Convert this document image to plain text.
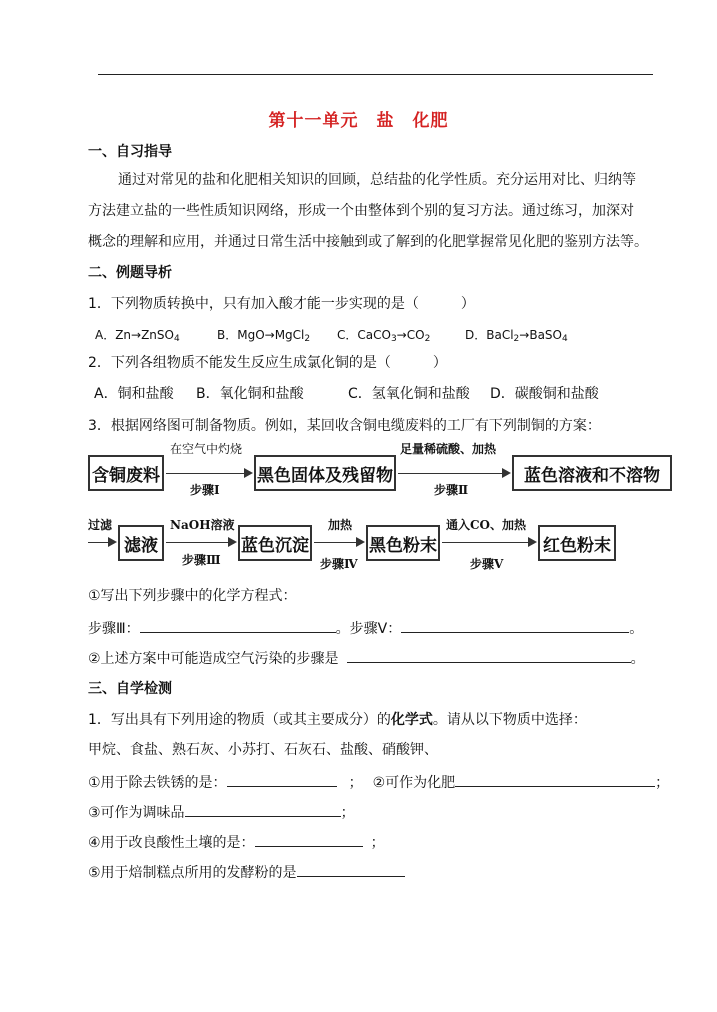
第十一单元　盐　化肥
一、自习指导
通过对常见的盐和化肥相关知识的回顾，总结盐的化学性质。充分运用对比、归纳等
方法建立盐的一些性质知识网络，形成一个由整体到个别的复习方法。通过练习，加深对
概念的理解和应用，并通过日常生活中接触到或了解到的化肥掌握常见化肥的鉴别方法等。
二、例题导析
1．下列物质转换中，只有加入酸才能一步实现的是（　　　）
A．Zn→ZnSO$_4$	B．MgO→MgCl$_2$ C．$CaCO_3\to CO_2$	D．BaCl$_2$→BaSO$_4$
2．下列各组物质不能发生反应生成氯化铜的是（　　　）
A．铜和盐酸 B．氧化铜和盐酸	C．氢氧化铜和盐酸 D．碳酸铜和盐酸
3．根据网络图可制备物质。例如，某回收含铜电缆废料的工厂有下列制铜的方案：
含铜废料
在空气中灼烧
步骤Ⅰ
黑色固体及残留物
足量稀硫酸、加热
步骤Ⅱ
蓝色溶液和不溶物
过滤
滤液
NaOH溶液
步骤Ⅲ
蓝色沉淀
加热
步骤Ⅳ
黑色粉末
通入CO、加热
步骤Ⅴ
红色粉末
①写出下列步骤中的化学方程式：
步骤Ⅲ：	。步骤Ⅴ：	。
②上述方案中可能造成空气污染的步骤是	。
三、自学检测
1．写出具有下列用途的物质（或其主要成分）的化学式。请从以下物质中选择：
甲烷、食盐、熟石灰、小苏打、石灰石、盐酸、硝酸钾、
①用于除去铁锈的是：	； ②可作为化肥	；
③可作为调味品	；
④用于改良酸性土壤的是：	；
⑤用于焙制糕点所用的发酵粉的是
